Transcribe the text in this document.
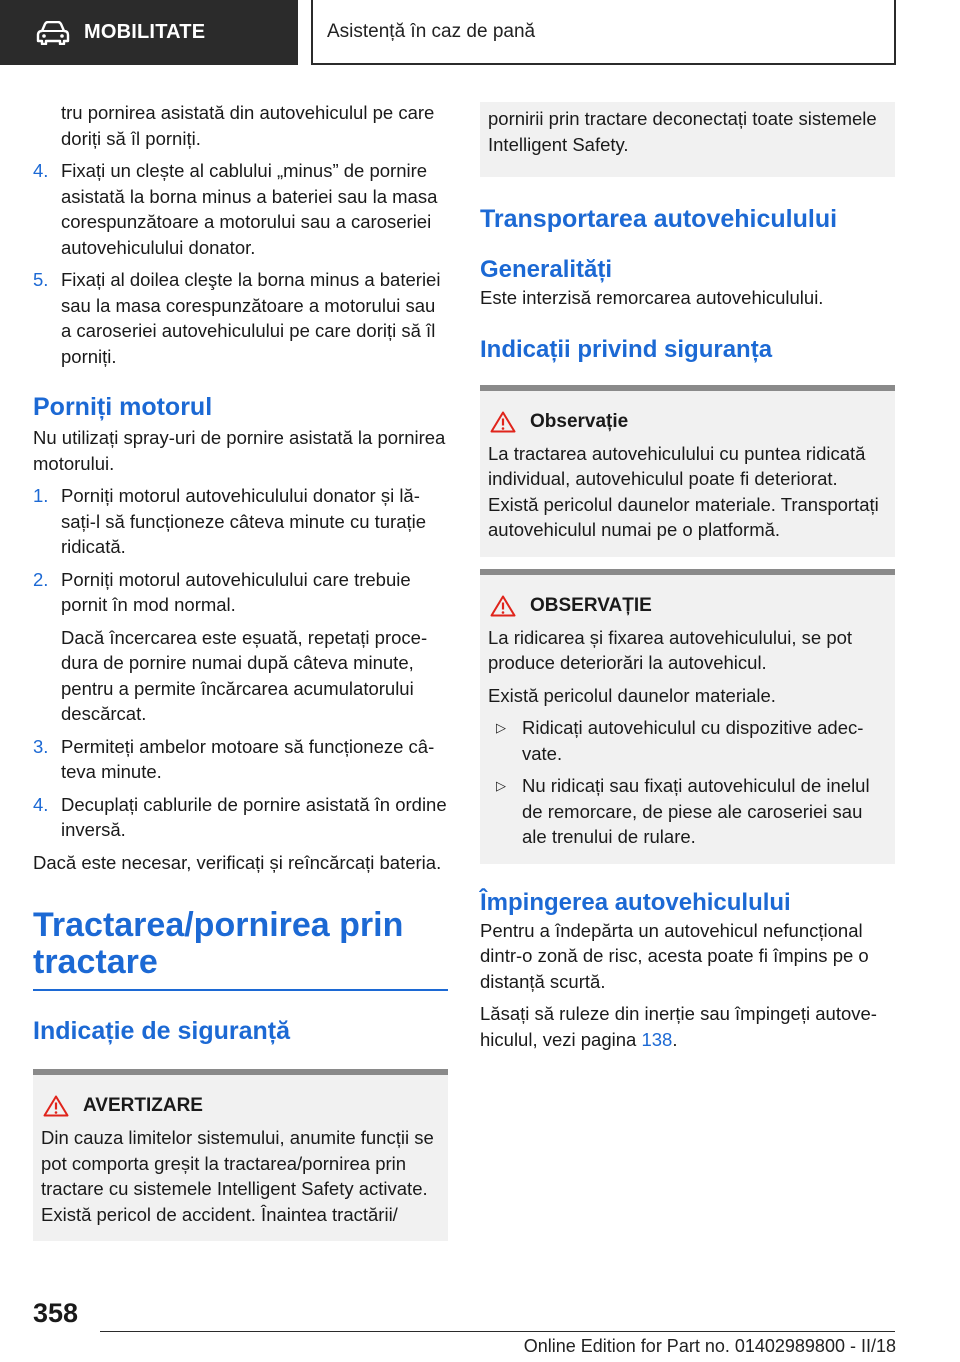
MOBILITATE	Asistență în caz de pană

tru pornirea asistată din autovehiculul pe care doriți să îl porniți.

4. Fixați un clește al cablului „minus” de pornire asistată la borna minus a bateriei sau la masa corespunzătoare a motorului sau a caroseriei autovehiculului donator.
5. Fixați al doilea cleşte la borna minus a bateriei sau la masa corespunzătoare a motorului sau a caroseriei autovehiculului pe care doriți să îl porniți.
Porniți motorul

Nu utilizați spray-uri de pornire asistată la pornirea motorului.

1. Porniți motorul autovehiculului donator și lăsați-l să funcționeze câteva minute cu turație ridicată.
2. Porniți motorul autovehiculului care trebuie pornit în mod normal.
Dacă încercarea este eșuată, repetați procedura de pornire numai după câteva minute, pentru a permite încărcarea acumulatorului descărcat.
3. Permiteți ambelor motoare să funcționeze câteva minute.
4. Decuplați cablurile de pornire asistată în ordine inversă.

Dacă este necesar, verificați și reîncărcați bateria.

Tractarea/pornirea prin tractare
Indicație de siguranță
AVERTIZARE

Din cauza limitelor sistemului, anumite funcții se pot comporta greșit la tractarea/pornirea prin tractare cu sistemele Intelligent Safety activate. Există pericol de accident. Înaintea tractării/

pornirii prin tractare deconectați toate sistemele Intelligent Safety.

Transportarea autovehiculului
Generalități

Este interzisă remorcarea autovehiculului.

Indicații privind siguranța
Observație

La tractarea autovehiculului cu puntea ridicată individual, autovehiculul poate fi deteriorat. Există pericolul daunelor materiale. Transportați autovehiculul numai pe o platformă.

OBSERVAȚIE

La ridicarea și fixarea autovehiculului, se pot produce deteriorări la autovehicul.

Există pericolul daunelor materiale.

▷ Ridicați autovehiculul cu dispozitive adecvate.
▷ Nu ridicați sau fixați autovehiculul de inelul de remorcare, de piese ale caroseriei sau ale trenului de rulare.
Împingerea autovehiculului

Pentru a îndepărta un autovehicul nefuncțional dintr-o zonă de risc, acesta poate fi împins pe o distanță scurtă.

Lăsați să ruleze din inerție sau împingeți autovehiculul, vezi pagina 138.

358
Online Edition for Part no. 01402989800 - II/18
